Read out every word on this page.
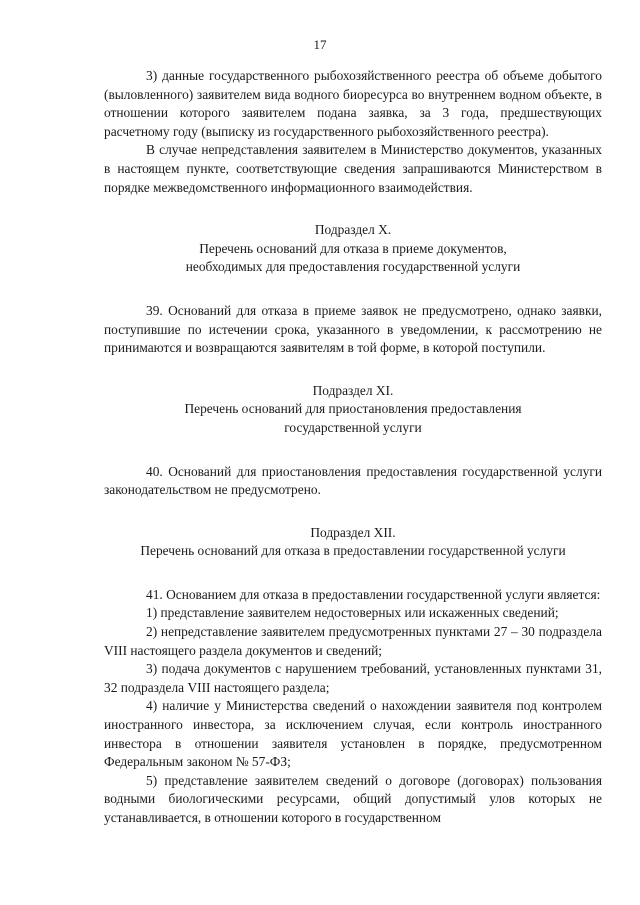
17

3) данные государственного рыбохозяйственного реестра об объеме добытого (выловленного) заявителем вида водного биоресурса во внутреннем водном объекте, в отношении которого заявителем подана заявка, за 3 года, предшествующих расчетному году (выписку из государственного рыбохозяйственного реестра).

В случае непредставления заявителем в Министерство документов, указанных в настоящем пункте, соответствующие сведения запрашиваются Министерством в порядке межведомственного информационного взаимодействия.

Подраздел X.
Перечень оснований для отказа в приеме документов,
необходимых для предоставления государственной услуги

39. Оснований для отказа в приеме заявок не предусмотрено, однако заявки, поступившие по истечении срока, указанного в уведомлении, к рассмотрению не принимаются и возвращаются заявителям в той форме, в которой поступили.

Подраздел XI.
Перечень оснований для приостановления предоставления
государственной услуги

40. Оснований для приостановления предоставления государственной услуги законодательством не предусмотрено.

Подраздел XII.
Перечень оснований для отказа в предоставлении государственной услуги

41. Основанием для отказа в предоставлении государственной услуги является:

1) представление заявителем недостоверных или искаженных сведений;

2) непредставление заявителем предусмотренных пунктами 27 – 30 подраздела VIII настоящего раздела документов и сведений;

3) подача документов с нарушением требований, установленных пунктами 31, 32 подраздела VIII настоящего раздела;

4) наличие у Министерства сведений о нахождении заявителя под контролем иностранного инвестора, за исключением случая, если контроль иностранного инвестора в отношении заявителя установлен в порядке, предусмотренном Федеральным законом № 57-ФЗ;

5) представление заявителем сведений о договоре (договорах) пользования водными биологическими ресурсами, общий допустимый улов которых не устанавливается, в отношении которого в государственном
